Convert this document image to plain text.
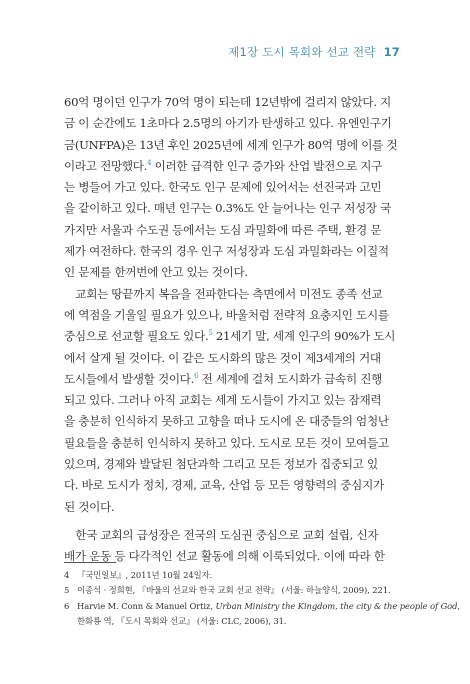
제1장 도시 목회와 선교 전략 17
60억 명이던 인구가 70억 명이 되는데 12년밖에 걸리지 않았다. 지
금 이 순간에도 1초마다 2.5명의 아기가 탄생하고 있다. 유엔인구기
금(UNFPA)은 13년 후인 2025년에 세계 인구가 80억 명에 이를 것
이라고 전망했다.$^4$ 이러한 급격한 인구 증가와 산업 발전으로 지구
는 병들어 가고 있다. 한국도 인구 문제에 있어서는 선진국과 고민
을 같이하고 있다. 매년 인구는 0.3%도 안 늘어나는 인구 저성장 국
가지만 서울과 수도권 등에서는 도심 과밀화에 따른 주택, 환경 문
제가 여전하다. 한국의 경우 인구 저성장과 도심 과밀화라는 이질적
인 문제를 한꺼번에 안고 있는 것이다.
 교회는 땅끝까지 복음을 전파한다는 측면에서 미전도 종족 선교
에 역점을 기울일 필요가 있으나, 바울처럼 전략적 요충지인 도시를
중심으로 선교할 필요도 있다.$^5$ 21세기 말, 세계 인구의 90%가 도시
에서 살게 될 것이다. 이 같은 도시화의 많은 것이 제3세계의 거대
도시들에서 발생할 것이다.$^6$ 전 세계에 걸쳐 도시화가 급속히 진행
되고 있다. 그러나 아직 교회는 세계 도시들이 가지고 있는 잠재력
을 충분히 인식하지 못하고 고향을 떠나 도시에 온 대중들의 엄청난
필요들을 충분히 인식하지 못하고 있다. 도시로 모든 것이 모여들고
있으며, 경제와 발달된 첨단과학 그리고 모든 정보가 집중되고 있
다. 바로 도시가 정치, 경제, 교육, 산업 등 모든 영향력의 중심지가
된 것이다.
 한국 교회의 급성장은 전국의 도심권 중심으로 교회 설립, 신자
배가 운동 등 다각적인 선교 활동에 의해 이룩되었다. 이에 따라 한
4 『국민일보』, 2011년 10월 24일자.
5 이종석 · 정희현, 『바울의 선교와 한국 교회 선교 전략』 (서울: 하늘양식, 2009), 221.
6 Harvie M. Conn & Manuel Ortiz, Urban Ministry the Kingdom, the city & the people of God,
한화룡 역, 『도시 목회와 선교』 (서울: CLC, 2006), 31.
